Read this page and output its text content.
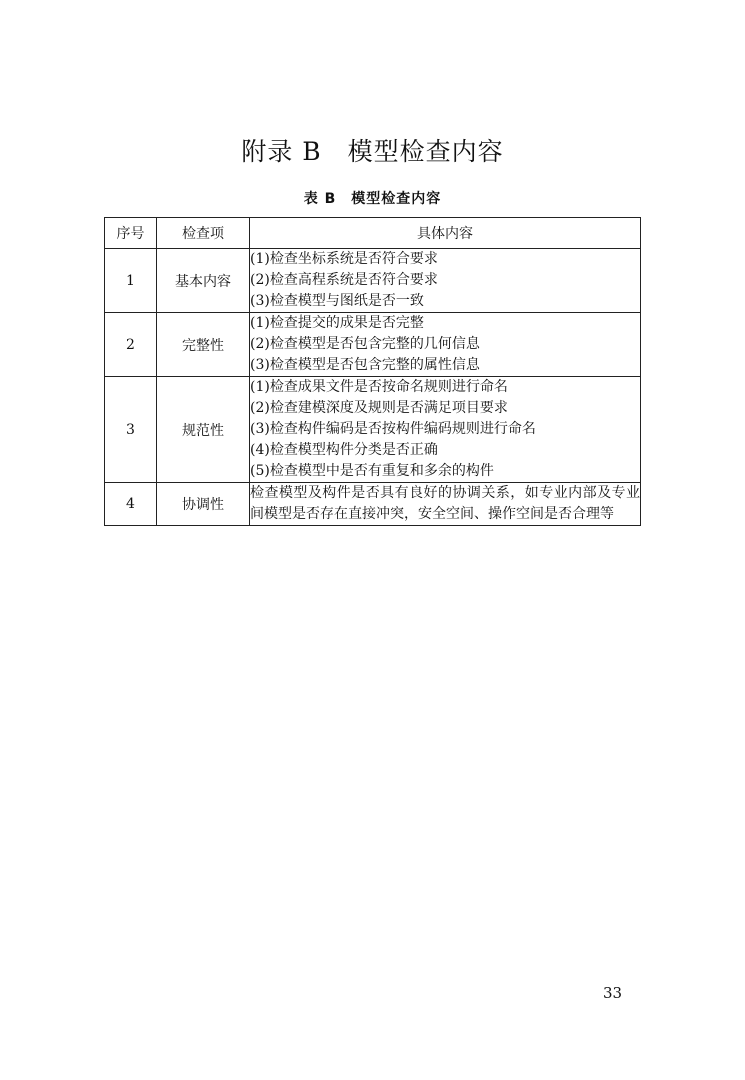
附录 B　模型检查内容
表 B　模型检查内容
序号	检查项	具体内容
1	基本内容	(1)检查坐标系统是否符合要求
(2)检查高程系统是否符合要求
(3)检查模型与图纸是否一致

2	完整性	(1)检查提交的成果是否完整
(2)检查模型是否包含完整的几何信息
(3)检查模型是否包含完整的属性信息

3	规范性	(1)检查成果文件是否按命名规则进行命名
(2)检查建模深度及规则是否满足项目要求
(3)检查构件编码是否按构件编码规则进行命名
(4)检查模型构件分类是否正确
(5)检查模型中是否有重复和多余的构件

4	协调性	检查模型及构件是否具有良好的协调关系，如专业内部及专业间模型是否存在直接冲突，安全空间、操作空间是否合理等
33
